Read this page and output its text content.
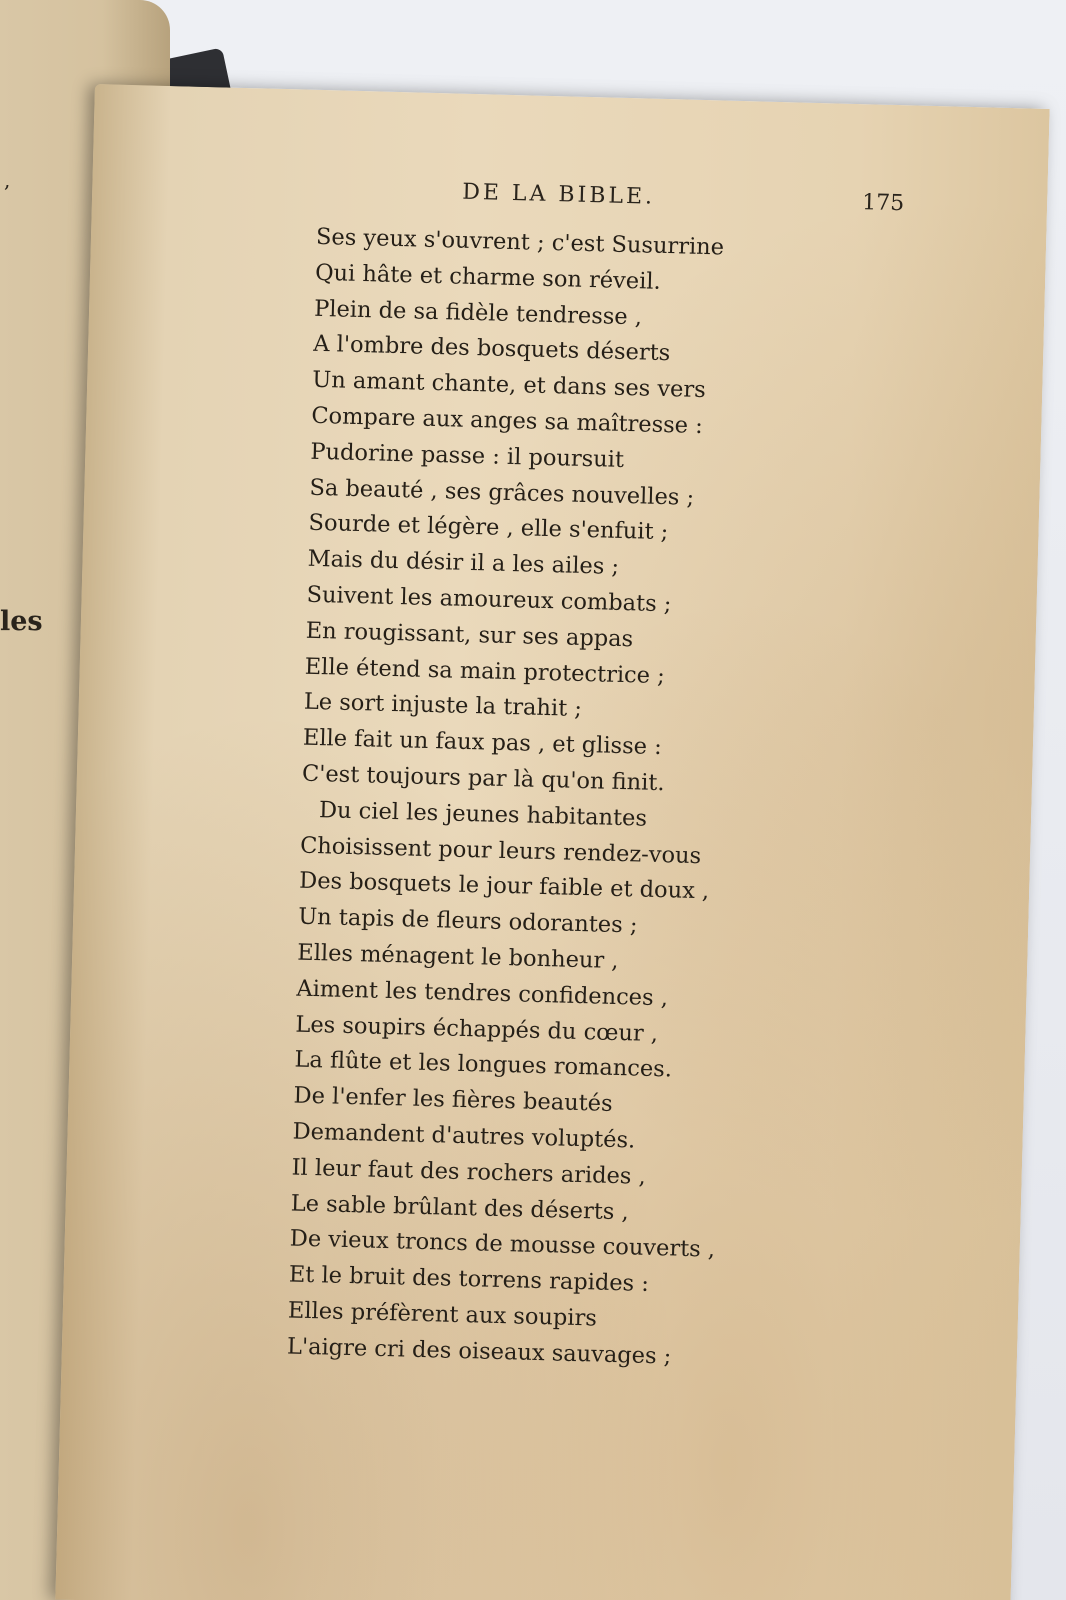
,
les
DE LA BIBLE.	175
Ses yeux s'ouvrent ; c'est Susurrine
Qui hâte et charme son réveil.
Plein de sa fidèle tendresse ,
A l'ombre des bosquets déserts
Un amant chante, et dans ses vers
Compare aux anges sa maîtresse :
Pudorine passe : il poursuit
Sa beauté , ses grâces nouvelles ;
Sourde et légère , elle s'enfuit ;
Mais du désir il a les ailes ;
Suivent les amoureux combats ;
En rougissant, sur ses appas
Elle étend sa main protectrice ;
Le sort injuste la trahit ;
Elle fait un faux pas , et glisse :
C'est toujours par là qu'on finit.
Du ciel les jeunes habitantes
Choisissent pour leurs rendez-vous
Des bosquets le jour faible et doux ,
Un tapis de fleurs odorantes ;
Elles ménagent le bonheur ,
Aiment les tendres confidences ,
Les soupirs échappés du cœur ,
La flûte et les longues romances.
De l'enfer les fières beautés
Demandent d'autres voluptés.
Il leur faut des rochers arides ,
Le sable brûlant des déserts ,
De vieux troncs de mousse couverts ,
Et le bruit des torrens rapides :
Elles préfèrent aux soupirs
L'aigre cri des oiseaux sauvages ;
